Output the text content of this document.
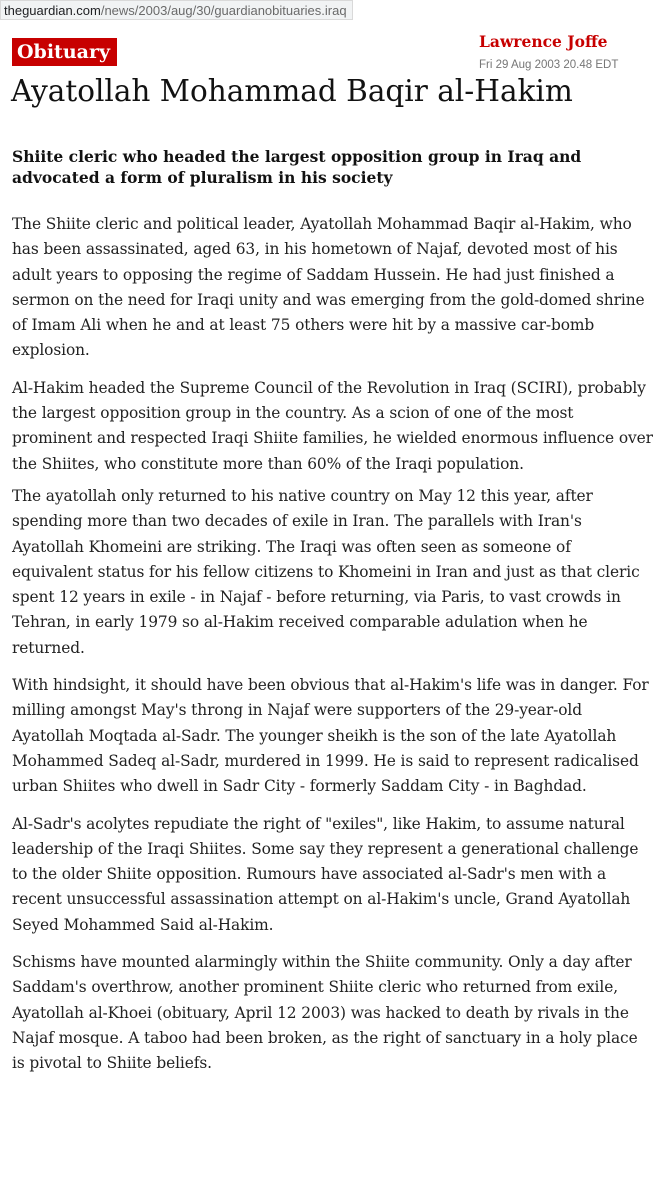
theguardian.com/news/2003/aug/30/guardianobituaries.iraq
Obituary	Lawrence Joffe
Fri 29 Aug 2003 20.48 EDT
Ayatollah Mohammad Baqir al-Hakim
Shiite cleric who headed the largest opposition group in Iraq and advocated a form of pluralism in his society

The Shiite cleric and political leader, Ayatollah Mohammad Baqir al-Hakim, who has been assassinated, aged 63, in his hometown of Najaf, devoted most of his adult years to opposing the regime of Saddam Hussein. He had just finished a sermon on the need for Iraqi unity and was emerging from the gold-domed shrine of Imam Ali when he and at least 75 others were hit by a massive car-bomb explosion.

Al-Hakim headed the Supreme Council of the Revolution in Iraq (SCIRI), probably the largest opposition group in the country. As a scion of one of the most prominent and respected Iraqi Shiite families, he wielded enormous influence over the Shiites, who constitute more than 60% of the Iraqi population.

The ayatollah only returned to his native country on May 12 this year, after spending more than two decades of exile in Iran. The parallels with Iran's Ayatollah Khomeini are striking. The Iraqi was often seen as someone of equivalent status for his fellow citizens to Khomeini in Iran and just as that cleric spent 12 years in exile - in Najaf - before returning, via Paris, to vast crowds in Tehran, in early 1979 so al-Hakim received comparable adulation when he returned.

With hindsight, it should have been obvious that al-Hakim's life was in danger. For milling amongst May's throng in Najaf were supporters of the 29-year-old Ayatollah Moqtada al-Sadr. The younger sheikh is the son of the late Ayatollah Mohammed Sadeq al-Sadr, murdered in 1999. He is said to represent radicalised urban Shiites who dwell in Sadr City - formerly Saddam City - in Baghdad.

Al-Sadr's acolytes repudiate the right of "exiles", like Hakim, to assume natural leadership of the Iraqi Shiites. Some say they represent a generational challenge to the older Shiite opposition. Rumours have associated al-Sadr's men with a recent unsuccessful assassination attempt on al-Hakim's uncle, Grand Ayatollah Seyed Mohammed Said al-Hakim.

Schisms have mounted alarmingly within the Shiite community. Only a day after Saddam's overthrow, another prominent Shiite cleric who returned from exile, Ayatollah al-Khoei (obituary, April 12 2003) was hacked to death by rivals in the Najaf mosque. A taboo had been broken, as the right of sanctuary in a holy place is pivotal to Shiite beliefs.
